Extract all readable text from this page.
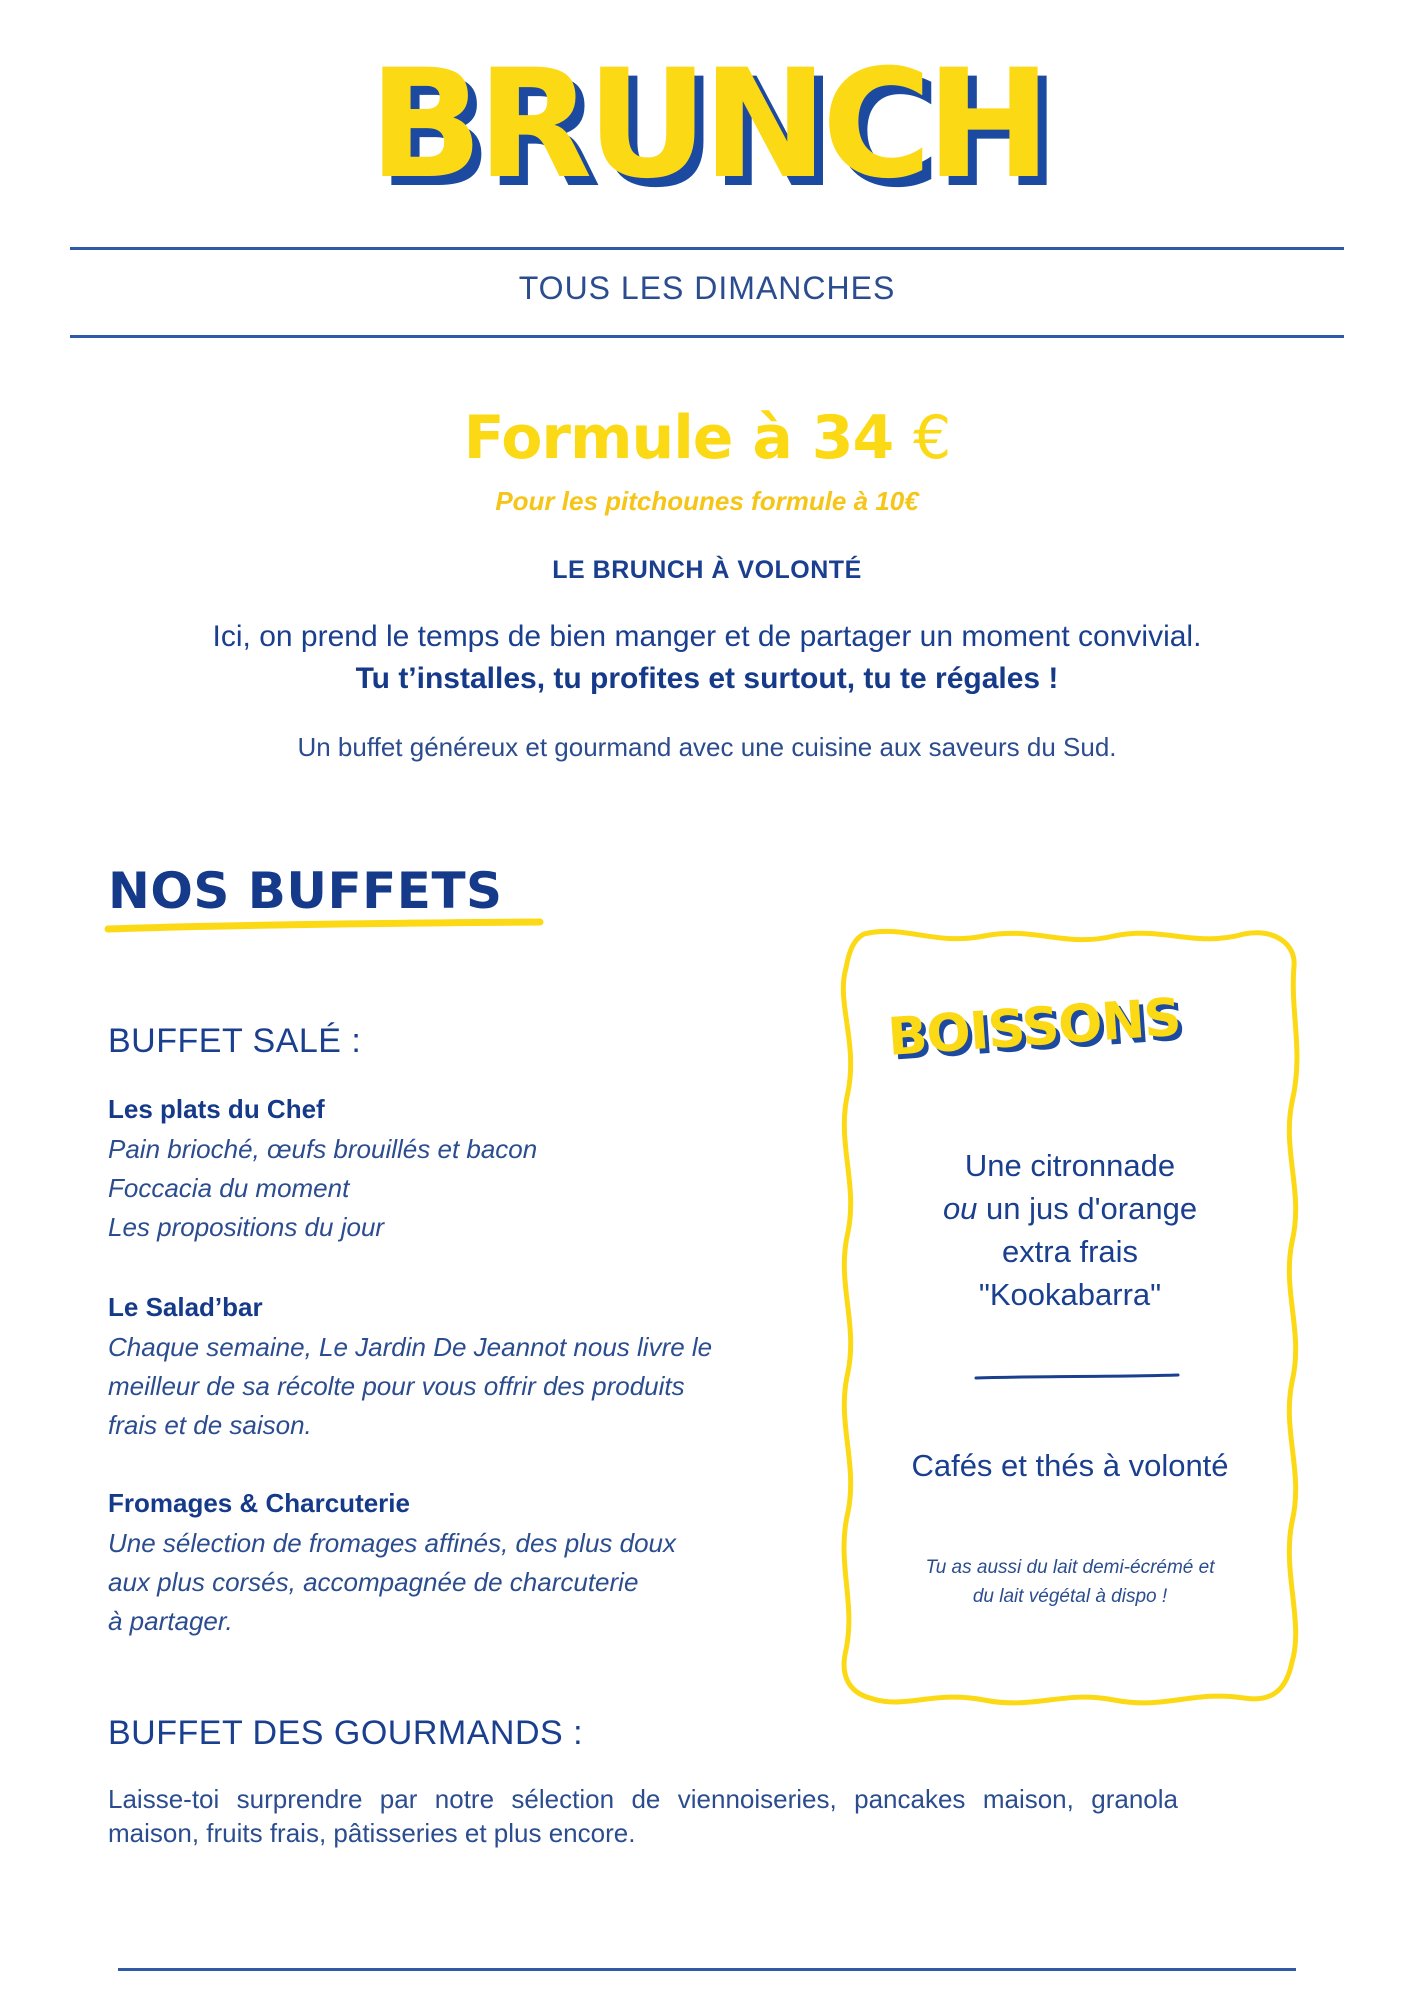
BRUNCH
TOUS LES DIMANCHES
Formule à 34 €
Pour les pitchounes formule à 10€
LE BRUNCH À VOLONTÉ
Ici, on prend le temps de bien manger et de partager un moment convivial.
Tu t’installes, tu profites et surtout, tu te régales !
Un buffet généreux et gourmand avec une cuisine aux saveurs du Sud.
NOS BUFFETS
BUFFET SALÉ :
Les plats du Chef
Pain brioché, œufs brouillés et bacon
Foccacia du moment
Les propositions du jour
Le Salad’bar
Chaque semaine, Le Jardin De Jeannot nous livre le
meilleur de sa récolte pour vous offrir des produits
frais et de saison.
Fromages & Charcuterie
Une sélection de fromages affinés, des plus doux
aux plus corsés, accompagnée de charcuterie
à partager.
BUFFET DES GOURMANDS :
Laisse-toi surprendre par notre sélection de viennoiseries, pancakes maison, granola maison, fruits frais, pâtisseries et plus encore.
BOISSONS
Une citronnade
ou un jus d'orange
extra frais
"Kookabarra"
Cafés et thés à volonté
Tu as aussi du lait demi-écrémé et
du lait végétal à dispo !
